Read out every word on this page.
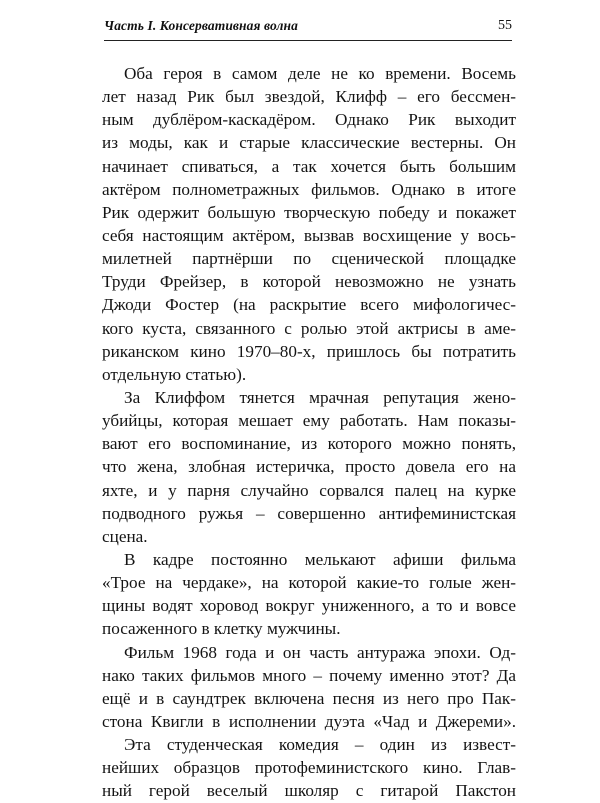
Часть I. Консервативная волна	55
Оба героя в самом деле не ко времени. Восемь
лет назад Рик был звездой, Клифф – его бессмен-
ным дублёром-каскадёром. Однако Рик выходит
из моды, как и старые классические вестерны. Он
начинает спиваться, а так хочется быть большим
актёром полнометражных фильмов. Однако в итоге
Рик одержит большую творческую победу и покажет
себя настоящим актёром, вызвав восхищение у вось-
милетней партнёрши по сценической площадке
Труди Фрейзер, в которой невозможно не узнать
Джоди Фостер (на раскрытие всего мифологичес-
кого куста, связанного с ролью этой актрисы в аме-
риканском кино 1970–80-х, пришлось бы потратить
отдельную статью).
За Клиффом тянется мрачная репутация жено-
убийцы, которая мешает ему работать. Нам показы-
вают его воспоминание, из которого можно понять,
что жена, злобная истеричка, просто довела его на
яхте, и у парня случайно сорвался палец на курке
подводного ружья – совершенно антифеминистская
сцена.
В кадре постоянно мелькают афиши фильма
«Трое на чердаке», на которой какие-то голые жен-
щины водят хоровод вокруг униженного, а то и вовсе
посаженного в клетку мужчины.
Фильм 1968 года и он часть антуража эпохи. Од-
нако таких фильмов много – почему именно этот? Да
ещё и в саундтрек включена песня из него про Пак-
стона Квигли в исполнении дуэта «Чад и Джереми».
Эта студенческая комедия – один из извест-
нейших образцов протофеминистского кино. Глав-
ный герой веселый школяр с гитарой Пакстон
